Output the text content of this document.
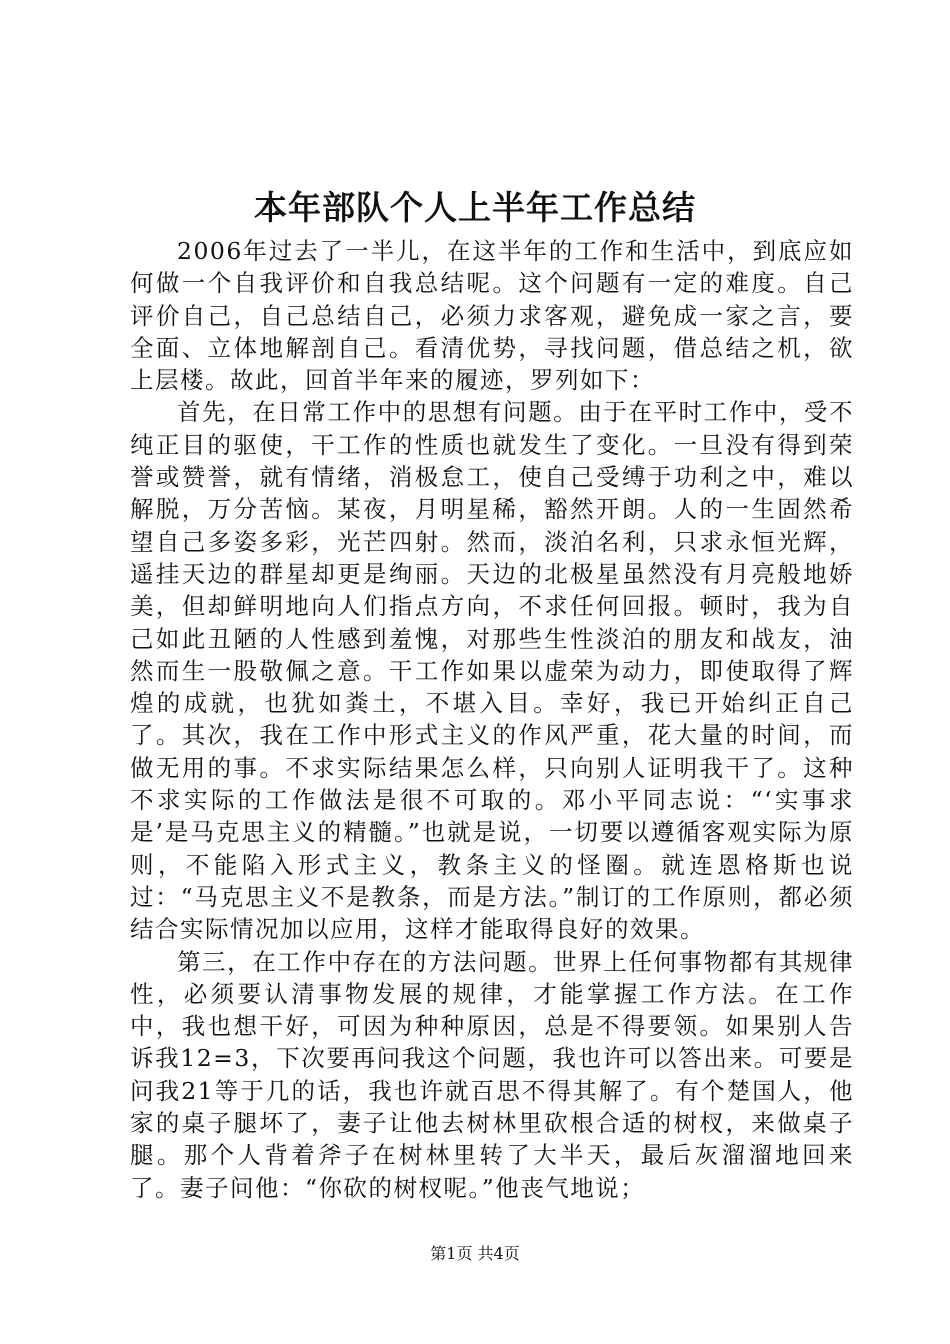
本年部队个人上半年工作总结

2006年过去了一半儿，在这半年的工作和生活中，到底应如何做一个自我评价和自我总结呢。这个问题有一定的难度。自己评价自己，自己总结自己，必须力求客观，避免成一家之言，要全面、立体地解剖自己。看清优势，寻找问题，借总结之机，欲上层楼。故此，回首半年来的履迹，罗列如下：

首先，在日常工作中的思想有问题。由于在平时工作中，受不纯正目的驱使，干工作的性质也就发生了变化。一旦没有得到荣誉或赞誉，就有情绪，消极怠工，使自己受缚于功利之中，难以解脱，万分苦恼。某夜，月明星稀，豁然开朗。人的一生固然希望自己多姿多彩，光芒四射。然而，淡泊名利，只求永恒光辉，遥挂天边的群星却更是绚丽。天边的北极星虽然没有月亮般地娇美，但却鲜明地向人们指点方向，不求任何回报。顿时，我为自己如此丑陋的人性感到羞愧，对那些生性淡泊的朋友和战友，油然而生一股敬佩之意。干工作如果以虚荣为动力，即使取得了辉煌的成就，也犹如粪土，不堪入目。幸好，我已开始纠正自己了。其次，我在工作中形式主义的作风严重，花大量的时间，而做无用的事。不求实际结果怎么样，只向别人证明我干了。这种不求实际的工作做法是很不可取的。邓小平同志说：“‘实事求是’是马克思主义的精髓。”也就是说，一切要以遵循客观实际为原则，不能陷入形式主义，教条主义的怪圈。就连恩格斯也说过：“马克思主义不是教条，而是方法。”制订的工作原则，都必须结合实际情况加以应用，这样才能取得良好的效果。

第三，在工作中存在的方法问题。世界上任何事物都有其规律性，必须要认清事物发展的规律，才能掌握工作方法。在工作中，我也想干好，可因为种种原因，总是不得要领。如果别人告诉我12=3，下次要再问我这个问题，我也许可以答出来。可要是问我21等于几的话，我也许就百思不得其解了。有个楚国人，他家的桌子腿坏了，妻子让他去树林里砍根合适的树杈，来做桌子腿。那个人背着斧子在树林里转了大半天，最后灰溜溜地回来了。妻子问他：“你砍的树杈呢。”他丧气地说；

第1页 共4页
